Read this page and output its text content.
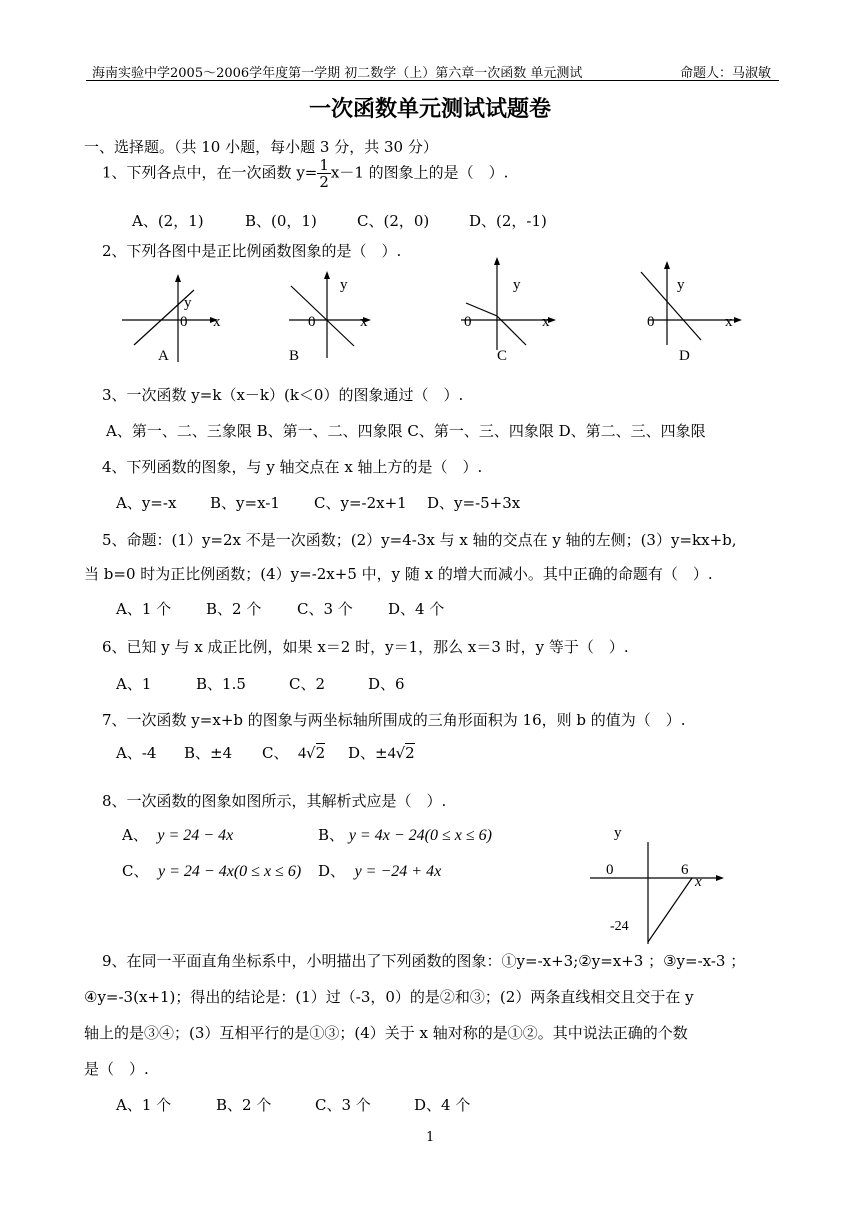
海南实验中学2005～2006学年度第一学期 初二数学（上）第六章一次函数 单元测试	命题人：马淑敏
一次函数单元测试试题卷
一、选择题。（共 10 小题，每小题 3 分，共 30 分）
1、下列各点中，在一次函数 $y= \frac{1}{2} x-1$ 的图象上的是（　）.
A、(2，1)	B、(0，1)	C、(2，0)	D、(2，-1)
2、下列各图中是正比例函数图象的是（　）.
y
0 x
A
y
0	x
B
y
0	x
C
y
0	x
D
3、一次函数 y=k（x－k）(k＜0）的图象通过（　）.
A、第一、二、三象限 B、第一、二、四象限 C、第一、三、四象限 D、第二、三、四象限
4、下列函数的图象，与 y 轴交点在 x 轴上方的是（　）.
A、y=-x B、y=x-1 C、y=-2x+1 D、y=-5+3x
5、命题：(1）y=2x 不是一次函数；(2）y=4-3x 与 x 轴的交点在 y 轴的左侧；(3）y=kx+b,
当 b=0 时为正比例函数；(4）y=-2x+5 中，y 随 x 的增大而减小。其中正确的命题有（　）.
A、1 个 B、2 个 C、3 个 D、4 个
6、已知 y 与 x 成正比例，如果 x＝2 时，y＝1，那么 x＝3 时，y 等于（　）.
A、1	B、1.5	C、2	D、6
7、一次函数 y=x+b 的图象与两坐标轴所围成的三角形面积为 16，则 b 的值为（　）.
A、-4 B、±4 C、 4√2 D、±4√2
8、一次函数的图象如图所示，其解析式应是（　）.
A、 y = 24 − 4x	B、 y = 4x − 24(0 ≤ x ≤ 6)
C、 y = 24 − 4x(0 ≤ x ≤ 6) D、 y = −24 + 4x
y
0	6
x
-24
9、在同一平面直角坐标系中，小明描出了下列函数的图象：①y=-x+3;②y=x+3 ；③y=-x-3 ；
④y=-3(x+1)；得出的结论是：(1）过（-3，0）的是②和③；(2）两条直线相交且交于在 y
轴上的是③④；(3）互相平行的是①③；(4）关于 x 轴对称的是①②。其中说法正确的个数
是（　）.
A、1 个	B、2 个	C、3 个	D、4 个
1
